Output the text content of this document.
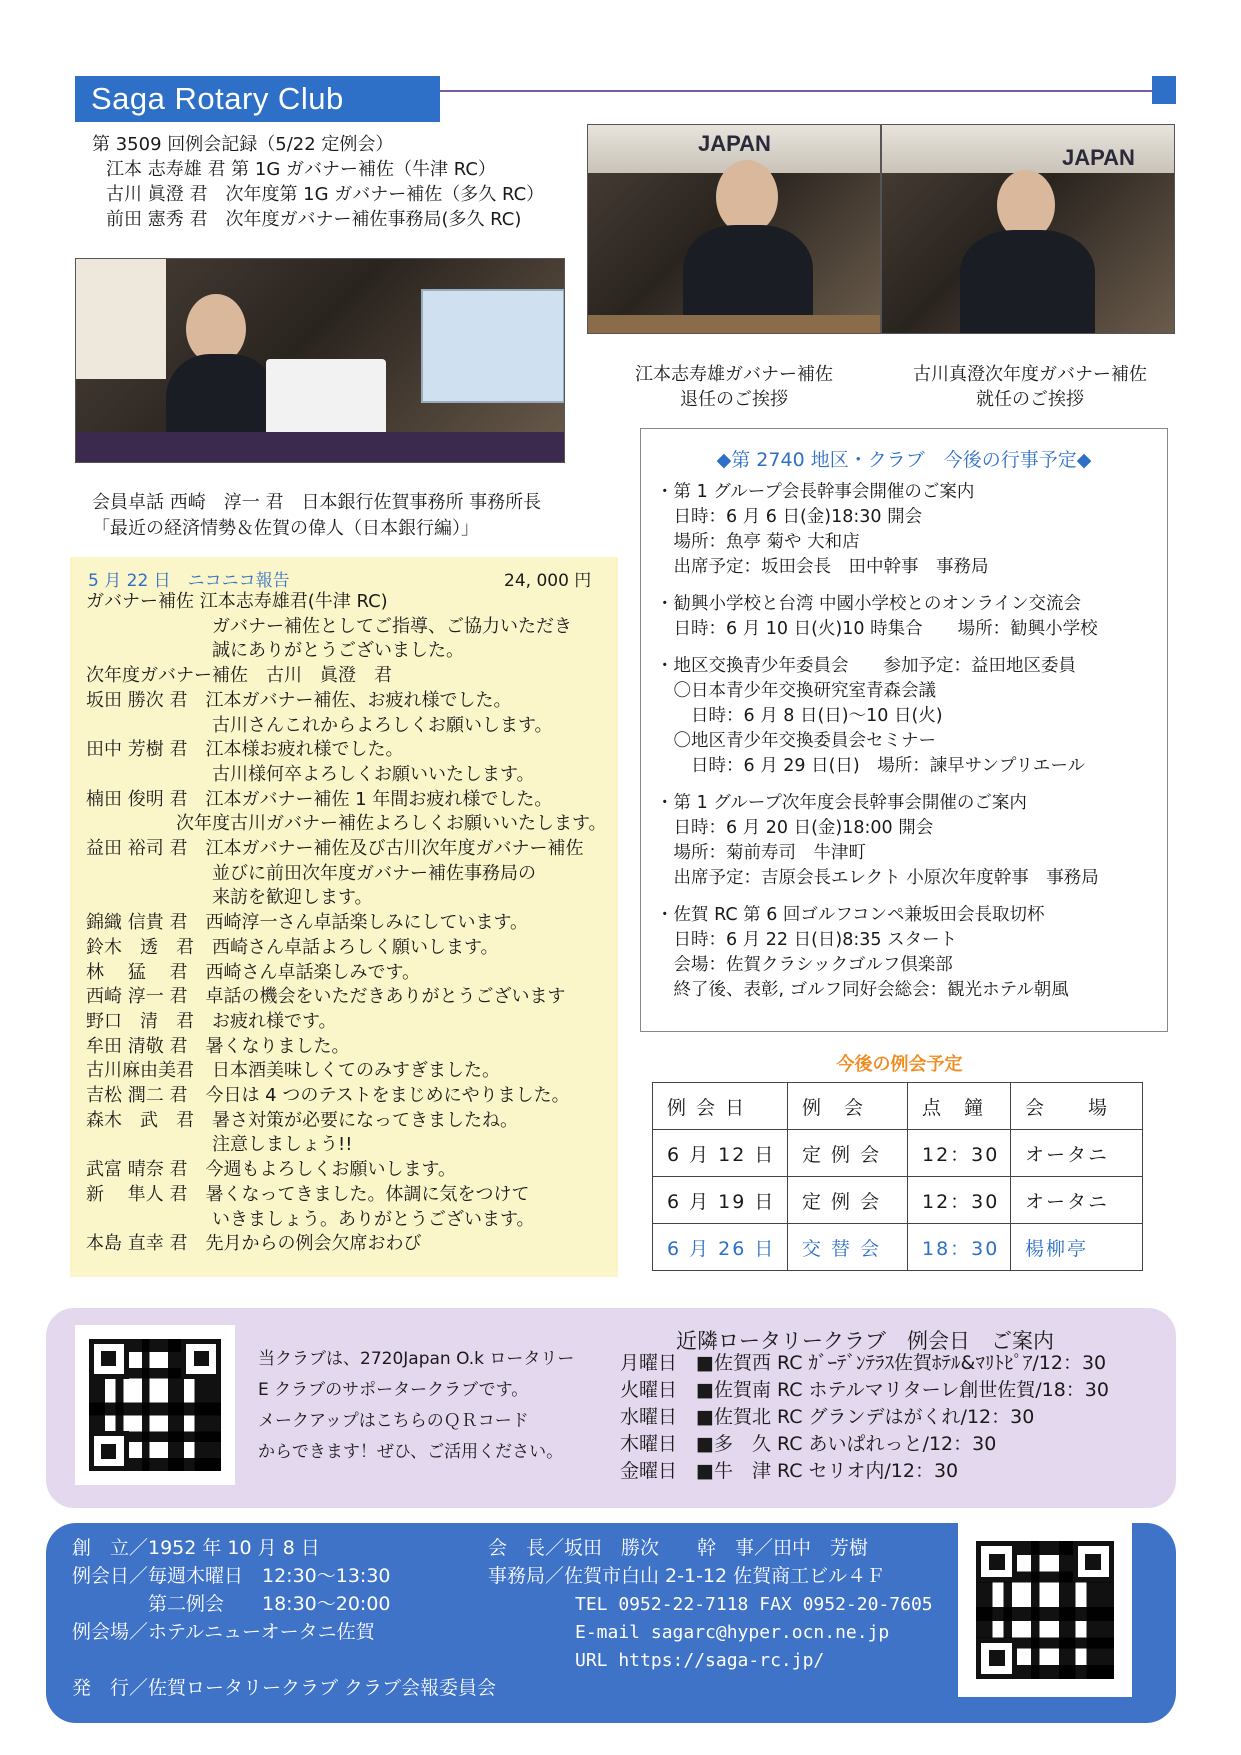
Saga Rotary Club
第 3509 回例会記録（5/22 定例会）
江本 志寿雄 君 第 1G ガバナー補佐（牛津 RC）
古川 眞澄 君　次年度第 1G ガバナー補佐（多久 RC）
前田 憲秀 君　次年度ガバナー補佐事務局(多久 RC)
JAPAN
JAPAN
江本志寿雄ガバナー補佐
退任のご挨拶
古川真澄次年度ガバナー補佐
就任のご挨拶
会員卓話 西崎　淳一 君　日本銀行佐賀事務所 事務所長
「最近の経済情勢＆佐賀の偉人（日本銀行編）」
5 月 22 日　ニコニコ報告	24, 000 円
ガバナー補佐 江本志寿雄君(牛津 RC)
　　　　　　　ガバナー補佐としてご指導、ご協力いただき
　　　　　　　誠にありがとうございました。
次年度ガバナー補佐　古川　眞澄　君
坂田 勝次 君　江本ガバナー補佐、お疲れ様でした。
　　　　　　　古川さんこれからよろしくお願いします。
田中 芳樹 君　江本様お疲れ様でした。
　　　　　　　古川様何卒よろしくお願いいたします。
楠田 俊明 君　江本ガバナー補佐 1 年間お疲れ様でした。
　　　　　次年度古川ガバナー補佐よろしくお願いいたします。
益田 裕司 君　江本ガバナー補佐及び古川次年度ガバナー補佐
　　　　　　　並びに前田次年度ガバナー補佐事務局の
　　　　　　　来訪を歓迎します。
錦織 信貴 君　西崎淳一さん卓話楽しみにしています。
鈴木　透　君　西崎さん卓話よろしく願いします。
林　 猛　 君　西崎さん卓話楽しみです。
西崎 淳一 君　卓話の機会をいただきありがとうございます
野口　清　君　お疲れ様です。
牟田 清敬 君　暑くなりました。
古川麻由美君　日本酒美味しくてのみすぎました。
吉松 潤二 君　今日は 4 つのテストをまじめにやりました。
森木　武　君　暑さ対策が必要になってきましたね。
　　　　　　　注意しましょう!!
武富 晴奈 君　今週もよろしくお願いします。
新　 隼人 君　暑くなってきました。体調に気をつけて
　　　　　　　いきましょう。ありがとうございます。
本島 直幸 君　先月からの例会欠席おわび
◆第 2740 地区・クラブ　今後の行事予定◆
・第 1 グループ会長幹事会開催のご案内
　日時：6 月 6 日(金)18:30 開会
　場所：魚亭 菊や 大和店
　出席予定：坂田会長　田中幹事　事務局
・勧興小学校と台湾 中國小学校とのオンライン交流会
　日時：6 月 10 日(火)10 時集合　　場所：勧興小学校
・地区交換青少年委員会　　参加予定：益田地区委員
　〇日本青少年交換研究室青森会議
　　日時：6 月 8 日(日)～10 日(火)
　〇地区青少年交換委員会セミナー
　　日時：6 月 29 日(日)　場所：諫早サンプリエール
・第 1 グループ次年度会長幹事会開催のご案内
　日時：6 月 20 日(金)18:00 開会
　場所：菊前寿司　牛津町
　出席予定：吉原会長エレクト 小原次年度幹事　事務局
・佐賀 RC 第 6 回ゴルフコンペ兼坂田会長取切杯
　日時：6 月 22 日(日)8:35 スタート
　会場：佐賀クラシックゴルフ倶楽部
　終了後、表彰, ゴルフ同好会総会：観光ホテル朝風
今後の例会予定
例 会 日	例　会	点　鐘	会　　場
6 月 12 日	定 例 会	12：30	オータニ
6 月 19 日	定 例 会	12：30	オータニ
6 月 26 日	交 替 会	18：30	楊柳亭
当クラブは、2720Japan O.k ロータリー
E クラブのサポータークラブです。
メークアップはこちらのＱＲコード
からできます！ぜひ、ご活用ください。
近隣ロータリークラブ　例会日　ご案内
月曜日　■佐賀西 RC ｶﾞｰﾃﾞﾝﾃﾗｽ佐賀ﾎﾃﾙ&ﾏﾘﾄﾋﾟｱ/12：30
火曜日　■佐賀南 RC ホテルマリターレ創世佐賀/18：30
水曜日　■佐賀北 RC グランデはがくれ/12：30
木曜日　■多　久 RC あいぱれっと/12：30
金曜日　■牛　津 RC セリオ内/12：30
創　立／1952 年 10 月 8 日
例会日／毎週木曜日　12:30～13:30
　　　　第二例会　　18:30～20:00
例会場／ホテルニューオータニ佐賀
発　行／佐賀ロータリークラブ クラブ会報委員会
会　長／坂田　勝次　　幹　事／田中　芳樹
事務局／佐賀市白山 2-1-12 佐賀商工ビル４Ｆ
TEL 0952-22-7118 FAX 0952-20-7605
E-mail sagarc@hyper.ocn.ne.jp
URL https://saga-rc.jp/
